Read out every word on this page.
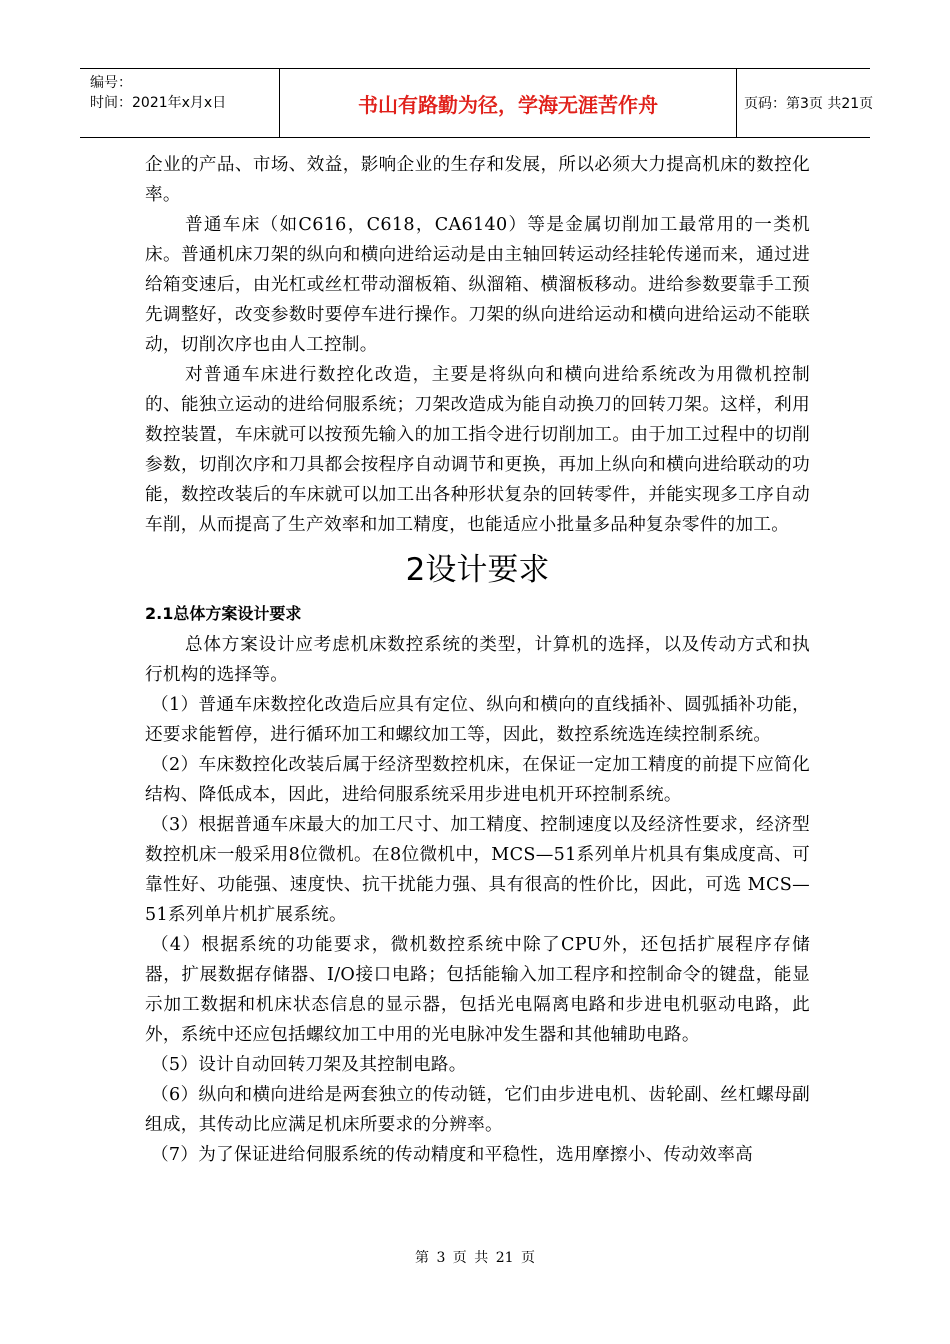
编号：
时间：2021年x月x日	书山有路勤为径，学海无涯苦作舟	页码：第3页 共21页

企业的产品、市场、效益，影响企业的生存和发展，所以必须大力提高机床的数控化率。

普通车床（如C616，C618，CA6140）等是金属切削加工最常用的一类机床。普通机床刀架的纵向和横向进给运动是由主轴回转运动经挂轮传递而来，通过进给箱变速后，由光杠或丝杠带动溜板箱、纵溜箱、横溜板移动。进给参数要靠手工预先调整好，改变参数时要停车进行操作。刀架的纵向进给运动和横向进给运动不能联动，切削次序也由人工控制。

对普通车床进行数控化改造，主要是将纵向和横向进给系统改为用微机控制的、能独立运动的进给伺服系统；刀架改造成为能自动换刀的回转刀架。这样，利用数控装置，车床就可以按预先输入的加工指令进行切削加工。由于加工过程中的切削参数，切削次序和刀具都会按程序自动调节和更换，再加上纵向和横向进给联动的功能，数控改装后的车床就可以加工出各种形状复杂的回转零件，并能实现多工序自动车削，从而提高了生产效率和加工精度，也能适应小批量多品种复杂零件的加工。

2设计要求
2.1总体方案设计要求

总体方案设计应考虑机床数控系统的类型，计算机的选择，以及传动方式和执行机构的选择等。

（1）普通车床数控化改造后应具有定位、纵向和横向的直线插补、圆弧插补功能，还要求能暂停，进行循环加工和螺纹加工等，因此，数控系统选连续控制系统。

（2）车床数控化改装后属于经济型数控机床，在保证一定加工精度的前提下应简化结构、降低成本，因此，进给伺服系统采用步进电机开环控制系统。

（3）根据普通车床最大的加工尺寸、加工精度、控制速度以及经济性要求，经济型数控机床一般采用8位微机。在8位微机中，MCS—51系列单片机具有集成度高、可靠性好、功能强、速度快、抗干扰能力强、具有很高的性价比，因此，可选 MCS—51系列单片机扩展系统。

（4）根据系统的功能要求，微机数控系统中除了CPU外，还包括扩展程序存储器，扩展数据存储器、I/O接口电路；包括能输入加工程序和控制命令的键盘，能显示加工数据和机床状态信息的显示器，包括光电隔离电路和步进电机驱动电路，此外，系统中还应包括螺纹加工中用的光电脉冲发生器和其他辅助电路。

（5）设计自动回转刀架及其控制电路。

（6）纵向和横向进给是两套独立的传动链，它们由步进电机、齿轮副、丝杠螺母副组成，其传动比应满足机床所要求的分辨率。

（7）为了保证进给伺服系统的传动精度和平稳性，选用摩擦小、传动效率高

第 3 页 共 21 页
